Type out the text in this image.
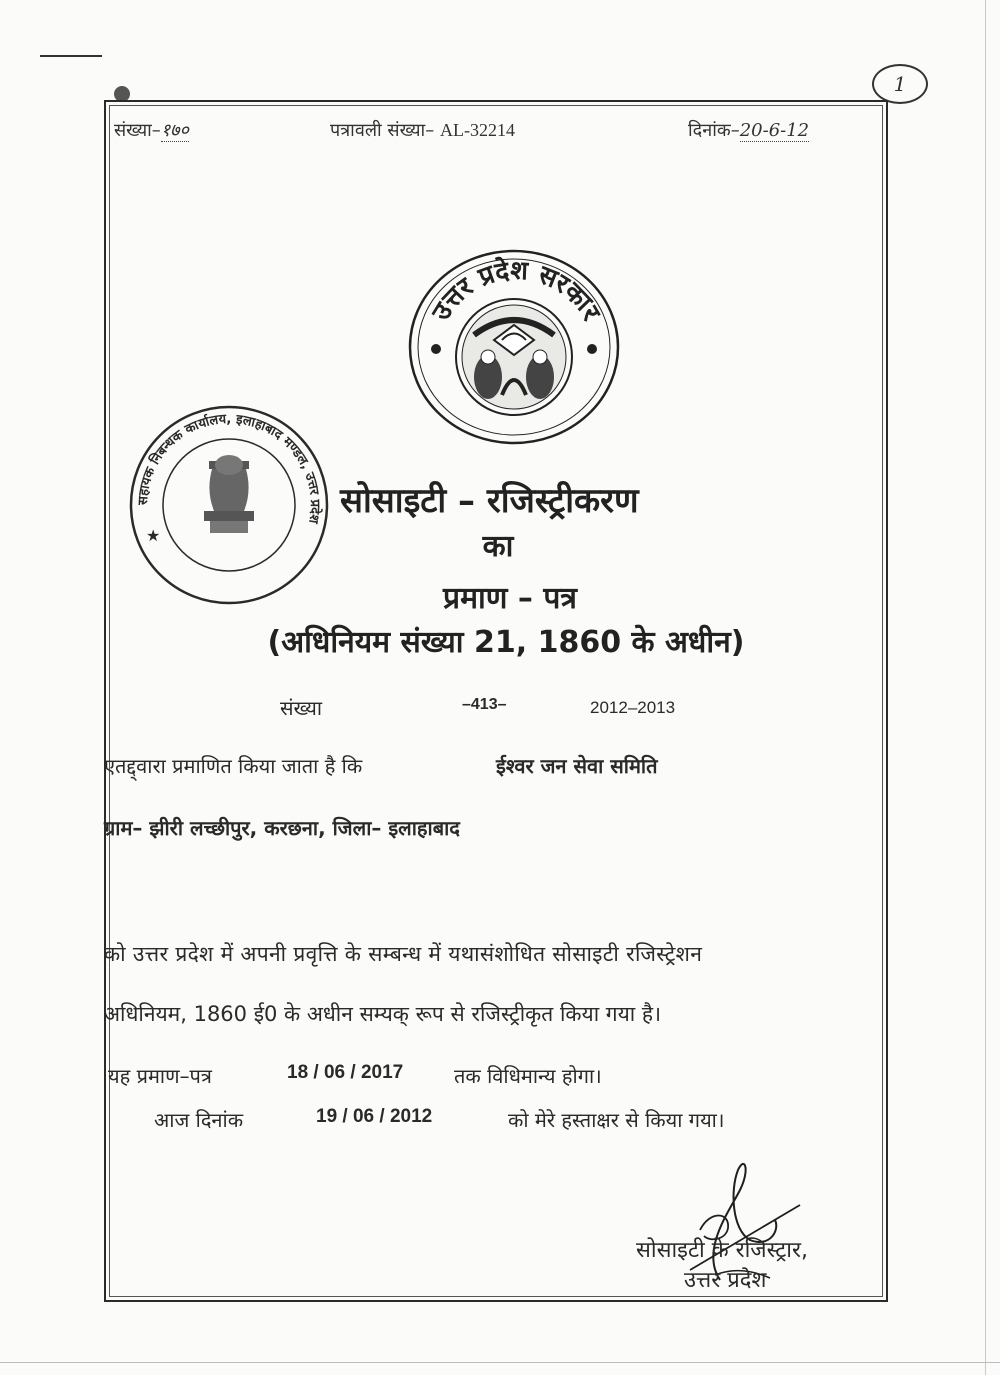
1
संख्या–१७०	पत्रावली संख्या– AL-32214	दिनांक–20-6-12
उत्तर प्रदेश सरकार
सहायक निबन्धक कार्यालय, इलाहाबाद मण्डल, उत्तर प्रदेश
★
सोसाइटी – रजिस्ट्रीकरण
का
प्रमाण – पत्र
(अधिनियम संख्या 21, 1860 के अधीन)
संख्या	–413–	2012–2013
एतद्द्वारा प्रमाणित किया जाता है कि	ईश्वर जन सेवा समिति
ग्राम– झीरी लच्छीपुर, करछना, जिला– इलाहाबाद
को उत्तर प्रदेश में अपनी प्रवृत्ति के सम्बन्ध में यथासंशोधित सोसाइटी रजिस्ट्रेशन
अधिनियम, 1860 ई0 के अधीन सम्यक् रूप से रजिस्ट्रीकृत किया गया है।
यह प्रमाण–पत्र	18 / 06 / 2017	तक विधिमान्य होगा।
आज दिनांक	19 / 06 / 2012	को मेरे हस्ताक्षर से किया गया।
सोसाइटी के रजिस्ट्रार,
उत्तर प्रदेश
